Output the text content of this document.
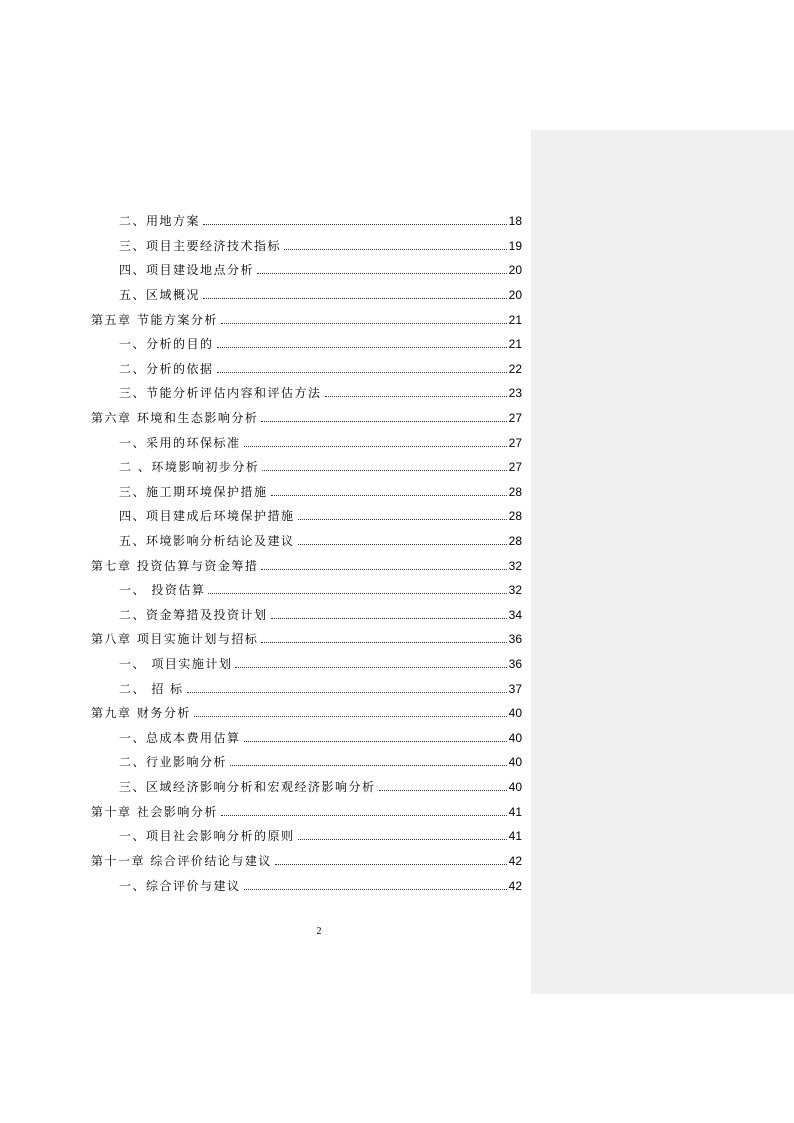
二、用地方案	18
三、项目主要经济技术指标	19
四、项目建设地点分析	20
五、区域概况	20
第五章 节能方案分析	21
一、分析的目的	21
二、分析的依据	22
三、节能分析评估内容和评估方法	23
第六章 环境和生态影响分析	27
一、采用的环保标准	27
二 、环境影响初步分析	27
三、施工期环境保护措施	28
四、项目建成后环境保护措施	28
五、环境影响分析结论及建议	28
第七章 投资估算与资金筹措	32
一、 投资估算	32
二、资金筹措及投资计划	34
第八章 项目实施计划与招标	36
一、 项目实施计划	36
二、 招 标	37
第九章 财务分析	40
一、总成本费用估算	40
二、行业影响分析	40
三、区域经济影响分析和宏观经济影响分析	40
第十章 社会影响分析	41
一、项目社会影响分析的原则	41
第十一章 综合评价结论与建议	42
一、综合评价与建议	42
2
